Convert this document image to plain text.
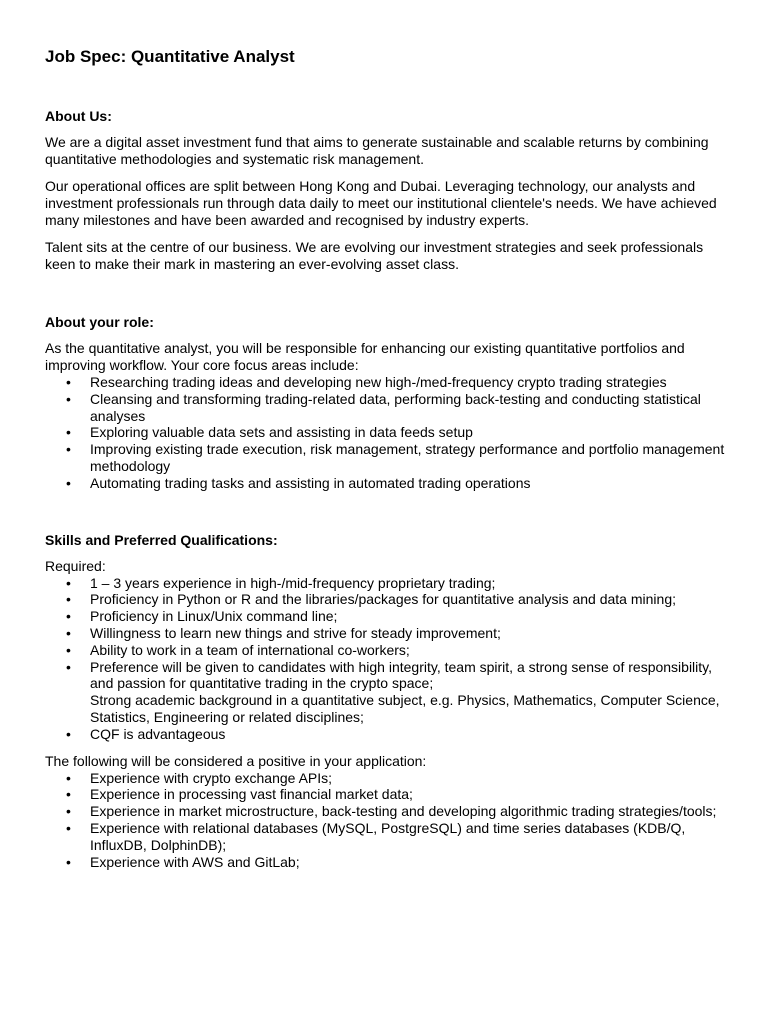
Job Spec: Quantitative Analyst
About Us:

We are a digital asset investment fund that aims to generate sustainable and scalable returns by combining quantitative methodologies and systematic risk management.

Our operational offices are split between Hong Kong and Dubai. Leveraging technology, our analysts and investment professionals run through data daily to meet our institutional clientele's needs. We have achieved many milestones and have been awarded and recognised by industry experts.

Talent sits at the centre of our business. We are evolving our investment strategies and seek professionals keen to make their mark in mastering an ever-evolving asset class.

About your role:

As the quantitative analyst, you will be responsible for enhancing our existing quantitative portfolios and improving workflow. Your core focus areas include:

• Researching trading ideas and developing new high-/med-frequency crypto trading strategies
• Cleansing and transforming trading-related data, performing back-testing and conducting statistical analyses
• Exploring valuable data sets and assisting in data feeds setup
• Improving existing trade execution, risk management, strategy performance and portfolio management methodology
• Automating trading tasks and assisting in automated trading operations
Skills and Preferred Qualifications:

Required:

• 1 – 3 years experience in high-/mid-frequency proprietary trading;
• Proficiency in Python or R and the libraries/packages for quantitative analysis and data mining;
• Proficiency in Linux/Unix command line;
• Willingness to learn new things and strive for steady improvement;
• Ability to work in a team of international co-workers;
• Preference will be given to candidates with high integrity, team spirit, a strong sense of responsibility, and passion for quantitative trading in the crypto space;
Strong academic background in a quantitative subject, e.g. Physics, Mathematics, Computer Science, Statistics, Engineering or related disciplines;
• CQF is advantageous

The following will be considered a positive in your application:

• Experience with crypto exchange APIs;
• Experience in processing vast financial market data;
• Experience in market microstructure, back-testing and developing algorithmic trading strategies/tools;
• Experience with relational databases (MySQL, PostgreSQL) and time series databases (KDB/Q, InfluxDB, DolphinDB);
• Experience with AWS and GitLab;
